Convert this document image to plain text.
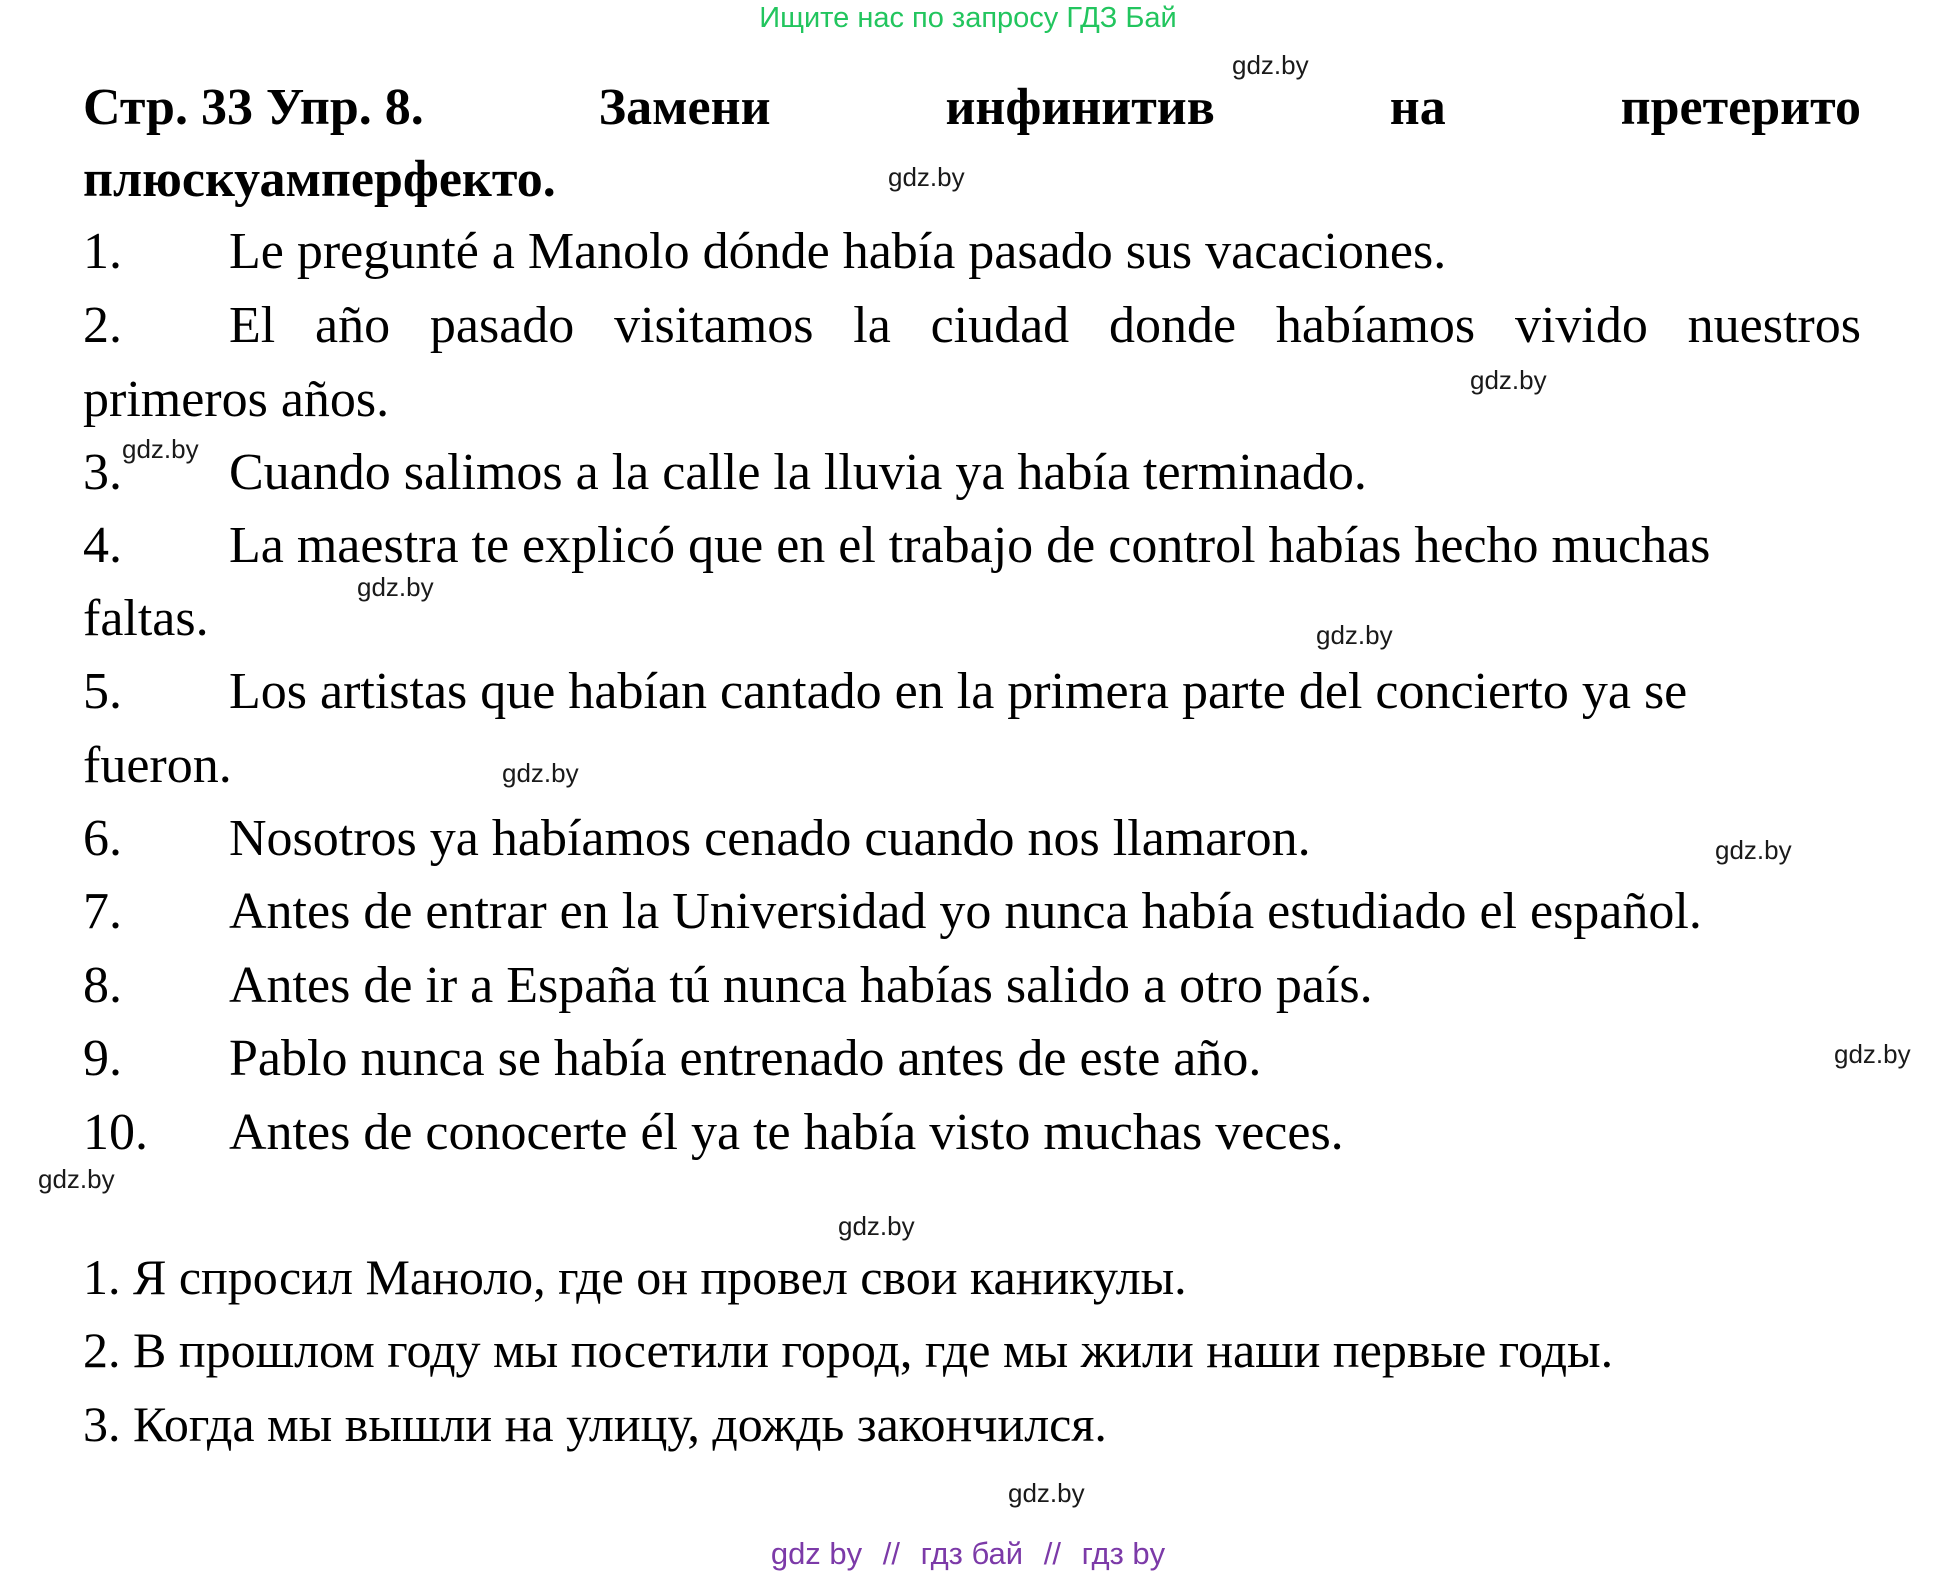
Ищите нас по запросу ГДЗ Бай
Стр. 33 Упр. 8.	Замени	инфинитив	на	претерито
плюскуамперфекто.
1. Le pregunté a Manolo dónde había pasado sus vacaciones.
2. El año pasado visitamos la ciudad donde habíamos vivido nuestros
primeros años.
3. Cuando salimos a la calle la lluvia ya había terminado.
4. La maestra te explicó que en el trabajo de control habías hecho muchas
faltas.
5. Los artistas que habían cantado en la primera parte del concierto ya se
fueron.
6. Nosotros ya habíamos cenado cuando nos llamaron.
7. Antes de entrar en la Universidad yo nunca había estudiado el español.
8. Antes de ir a España tú nunca habías salido a otro país.
9. Pablo nunca se había entrenado antes de este año.
10. Antes de conocerte él ya te había visto muchas veces.
1. Я спросил Маноло, где он провел свои каникулы.
2. В прошлом году мы посетили город, где мы жили наши первые годы.
3. Когда мы вышли на улицу, дождь закончился.
gdz.by
gdz.by
gdz.by
gdz.by
gdz.by
gdz.by
gdz.by
gdz.by
gdz.by
gdz.by
gdz.by
gdz.by
gdz by // гдз бай // гдз by
